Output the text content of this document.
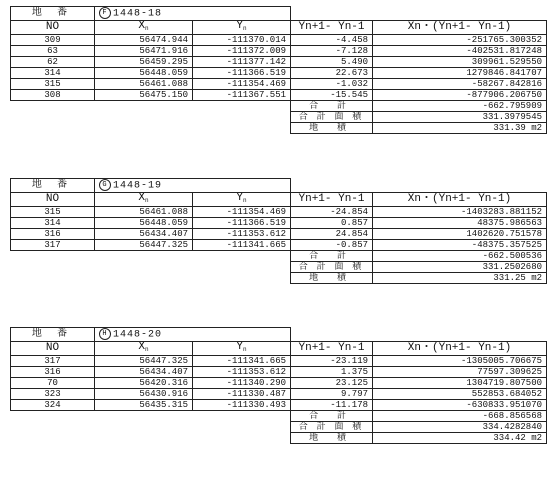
地 番	F 1448-18			
NO	$X_n$	$Y_n$	Yn+1- Yn-1	Xn・(Yn+1- Yn-1)
309	56474.944	-111370.014	-4.458	-251765.300352
63	56471.916	-111372.009	-7.128	-402531.817248
62	56459.295	-111377.142	5.490	309961.529550
314	56448.059	-111366.519	22.673	1279846.841707
315	56461.088	-111354.469	-1.032	-58267.842816
308	56475.150	-111367.551	-15.545	-877906.206750
			合 計	-662.795909
			合 計 面 積	331.3979545
			地 積	331.39 m2
地 番	G 1448-19			
NO	$X_n$	$Y_n$	Yn+1- Yn-1	Xn・(Yn+1- Yn-1)
315	56461.088	-111354.469	-24.854	-1403283.881152
314	56448.059	-111366.519	0.857	48375.986563
316	56434.407	-111353.612	24.854	1402620.751578
317	56447.325	-111341.665	-0.857	-48375.357525
			合 計	-662.500536
			合 計 面 積	331.2502680
			地 積	331.25 m2
地 番	H 1448-20			
NO	$X_n$	$Y_n$	Yn+1- Yn-1	Xn・(Yn+1- Yn-1)
317	56447.325	-111341.665	-23.119	-1305005.706675
316	56434.407	-111353.612	1.375	77597.309625
70	56420.316	-111340.290	23.125	1304719.807500
323	56430.916	-111330.487	9.797	552853.684052
324	56435.315	-111330.493	-11.178	-630833.951070
			合 計	-668.856568
			合 計 面 積	334.4282840
			地 積	334.42 m2
